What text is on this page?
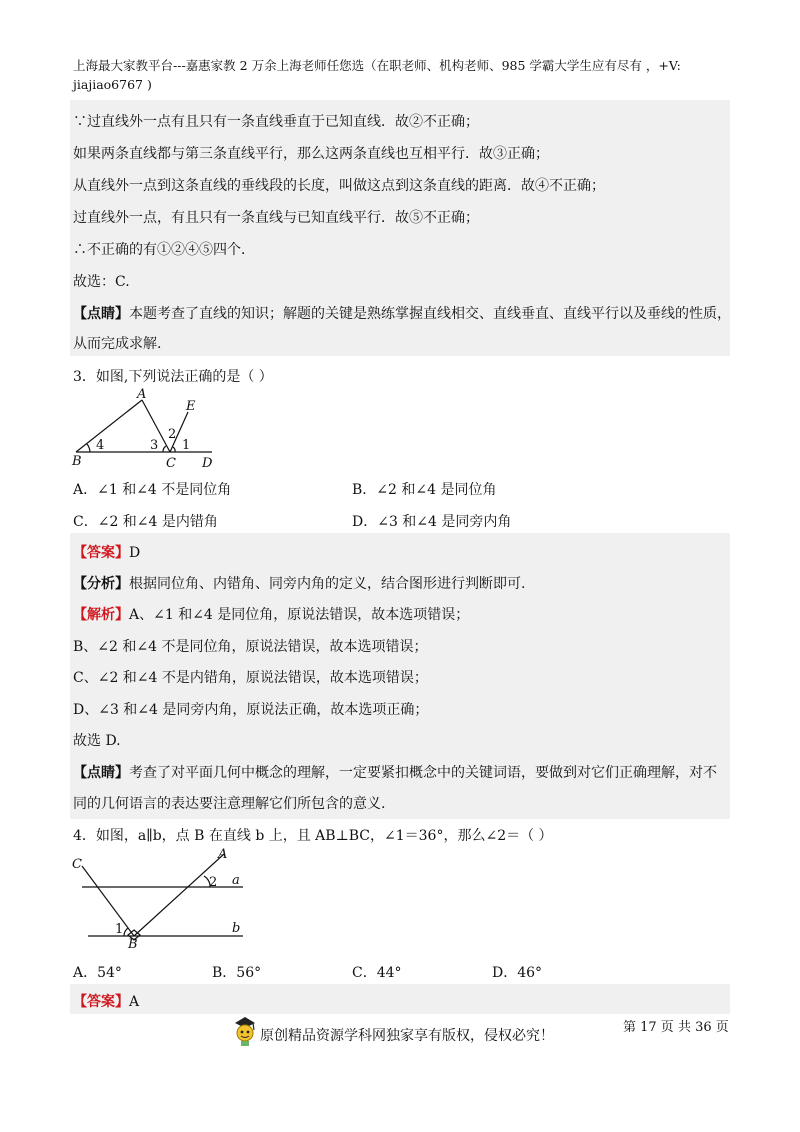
上海最大家教平台---嘉惠家教 2 万余上海老师任您选（在职老师、机构老师、985 学霸大学生应有尽有 ，+V:
jiajiao6767 )
∵过直线外一点有且只有一条直线垂直于已知直线．故②不正确；
如果两条直线都与第三条直线平行，那么这两条直线也互相平行．故③正确；
从直线外一点到这条直线的垂线段的长度，叫做这点到这条直线的距离．故④不正确；
过直线外一点，有且只有一条直线与已知直线平行．故⑤不正确；
∴不正确的有①②④⑤四个．
故选：C.
【点睛】本题考查了直线的知识；解题的关键是熟练掌握直线相交、直线垂直、直线平行以及垂线的性质，
从而完成求解.
3．如图,下列说法正确的是（ ）
A
E
B	C D
4	3
2
1
A．∠1 和∠4 不是同位角	B．∠2 和∠4 是同位角
C．∠2 和∠4 是内错角	D．∠3 和∠4 是同旁内角
【答案】D
【分析】根据同位角、内错角、同旁内角的定义，结合图形进行判断即可.
【解析】A、∠1 和∠4 是同位角，原说法错误，故本选项错误；
B、∠2 和∠4 不是同位角，原说法错误，故本选项错误；
C、∠2 和∠4 不是内错角，原说法错误，故本选项错误；
D、∠3 和∠4 是同旁内角，原说法正确，故本选项正确；
故选 D.
【点睛】考查了对平面几何中概念的理解，一定要紧扣概念中的关键词语，要做到对它们正确理解，对不
同的几何语言的表达要注意理解它们所包含的意义.
4．如图，a∥b，点 B 在直线 b 上，且 AB⊥BC，∠1＝36°，那么∠2＝（ ）
C
A
B
a
b
1
2
A．54°	B．56°	C．44°	D．46°
【答案】A
第 17 页 共 36 页
原创精品资源学科网独家享有版权，侵权必究！
